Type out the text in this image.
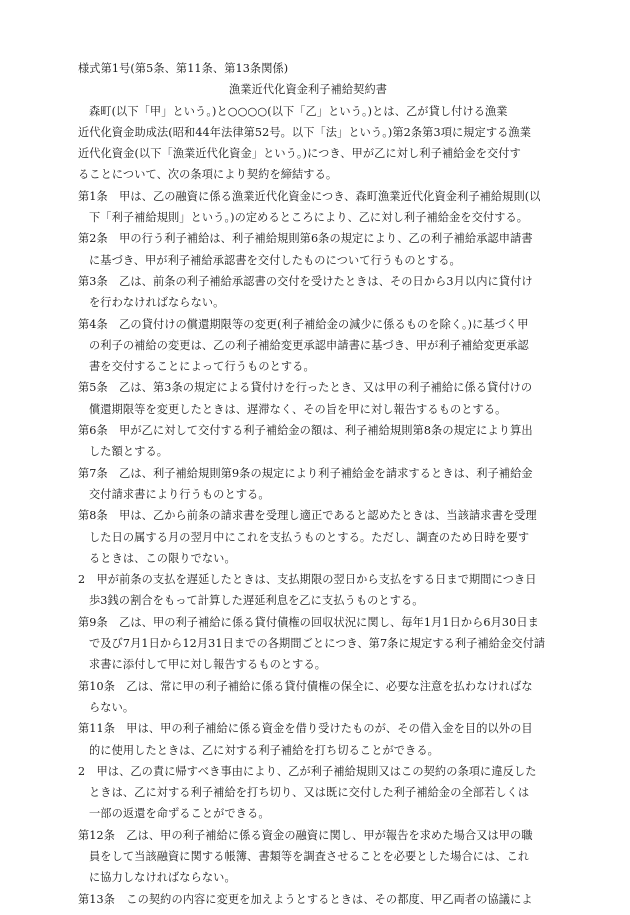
様式第1号(第5条、第11条、第13条関係)
漁業近代化資金利子補給契約書
森町(以下「甲」という。)と○○○○(以下「乙」という。)とは、乙が貸し付ける漁業
近代化資金助成法(昭和44年法律第52号。以下「法」という。)第2条第3項に規定する漁業
近代化資金(以下「漁業近代化資金」という。)につき、甲が乙に対し利子補給金を交付す
ることについて、次の条項により契約を締結する。
第1条　甲は、乙の融資に係る漁業近代化資金につき、森町漁業近代化資金利子補給規則(以
下「利子補給規則」という。)の定めるところにより、乙に対し利子補給金を交付する。
第2条　甲の行う利子補給は、利子補給規則第6条の規定により、乙の利子補給承認申請書
に基づき、甲が利子補給承認書を交付したものについて行うものとする。
第3条　乙は、前条の利子補給承認書の交付を受けたときは、その日から3月以内に貸付け
を行わなければならない。
第4条　乙の貸付けの償還期限等の変更(利子補給金の減少に係るものを除く。)に基づく甲
の利子の補給の変更は、乙の利子補給変更承認申請書に基づき、甲が利子補給変更承認
書を交付することによって行うものとする。
第5条　乙は、第3条の規定による貸付けを行ったとき、又は甲の利子補給に係る貸付けの
償還期限等を変更したときは、遅滞なく、その旨を甲に対し報告するものとする。
第6条　甲が乙に対して交付する利子補給金の額は、利子補給規則第8条の規定により算出
した額とする。
第7条　乙は、利子補給規則第9条の規定により利子補給金を請求するときは、利子補給金
交付請求書により行うものとする。
第8条　甲は、乙から前条の請求書を受理し適正であると認めたときは、当該請求書を受理
した日の属する月の翌月中にこれを支払うものとする。ただし、調査のため日時を要す
るときは、この限りでない。
2　甲が前条の支払を遅延したときは、支払期限の翌日から支払をする日まで期間につき日
歩3銭の割合をもって計算した遅延利息を乙に支払うものとする。
第9条　乙は、甲の利子補給に係る貸付債権の回収状況に関し、毎年1月1日から6月30日ま
で及び7月1日から12月31日までの各期間ごとにつき、第7条に規定する利子補給金交付請
求書に添付して甲に対し報告するものとする。
第10条　乙は、常に甲の利子補給に係る貸付債権の保全に、必要な注意を払わなければな
らない。
第11条　甲は、甲の利子補給に係る資金を借り受けたものが、その借入金を目的以外の目
的に使用したときは、乙に対する利子補給を打ち切ることができる。
2　甲は、乙の責に帰すべき事由により、乙が利子補給規則又はこの契約の条項に違反した
ときは、乙に対する利子補給を打ち切り、又は既に交付した利子補給金の全部若しくは
一部の返還を命ずることができる。
第12条　乙は、甲の利子補給に係る資金の融資に関し、甲が報告を求めた場合又は甲の職
員をして当該融資に関する帳簿、書類等を調査させることを必要とした場合には、これ
に協力しなければならない。
第13条　この契約の内容に変更を加えようとするときは、その都度、甲乙両者の協議によ
